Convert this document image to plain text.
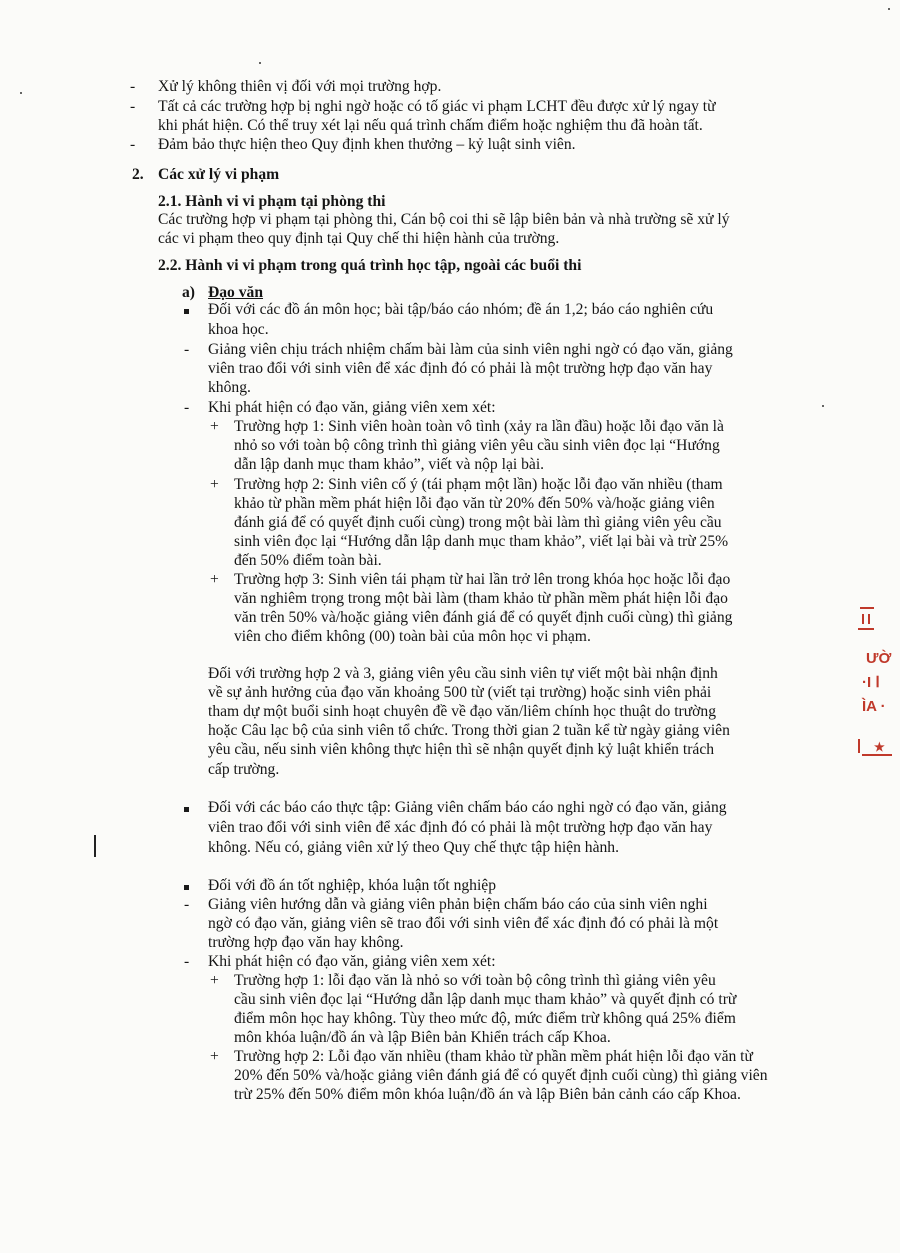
- Xử lý không thiên vị đối với mọi trường hợp.
- Tất cả các trường hợp bị nghi ngờ hoặc có tố giác vi phạm LCHT đều được xử lý ngay từ
khi phát hiện. Có thể truy xét lại nếu quá trình chấm điểm hoặc nghiệm thu đã hoàn tất.
- Đảm bảo thực hiện theo Quy định khen thưởng – kỷ luật sinh viên.
2. Các xử lý vi phạm
2.1. Hành vi vi phạm tại phòng thi
Các trường hợp vi phạm tại phòng thi, Cán bộ coi thi sẽ lập biên bản và nhà trường sẽ xử lý
các vi phạm theo quy định tại Quy chế thi hiện hành của trường.
2.2. Hành vi vi phạm trong quá trình học tập, ngoài các buổi thi
a) Đạo văn
Đối với các đồ án môn học; bài tập/báo cáo nhóm; đề án 1,2; báo cáo nghiên cứu
khoa học.
- Giảng viên chịu trách nhiệm chấm bài làm của sinh viên nghi ngờ có đạo văn, giảng
viên trao đổi với sinh viên để xác định đó có phải là một trường hợp đạo văn hay
không.
- Khi phát hiện có đạo văn, giảng viên xem xét:
+ Trường hợp 1: Sinh viên hoàn toàn vô tình (xảy ra lần đầu) hoặc lỗi đạo văn là
nhỏ so với toàn bộ công trình thì giảng viên yêu cầu sinh viên đọc lại “Hướng
dẫn lập danh mục tham khảo”, viết và nộp lại bài.
+ Trường hợp 2: Sinh viên cố ý (tái phạm một lần) hoặc lỗi đạo văn nhiều (tham
khảo từ phần mềm phát hiện lỗi đạo văn từ 20% đến 50% và/hoặc giảng viên
đánh giá để có quyết định cuối cùng) trong một bài làm thì giảng viên yêu cầu
sinh viên đọc lại “Hướng dẫn lập danh mục tham khảo”, viết lại bài và trừ 25%
đến 50% điểm toàn bài.
+ Trường hợp 3: Sinh viên tái phạm từ hai lần trở lên trong khóa học hoặc lỗi đạo
văn nghiêm trọng trong một bài làm (tham khảo từ phần mềm phát hiện lỗi đạo
văn trên 50% và/hoặc giảng viên đánh giá để có quyết định cuối cùng) thì giảng
viên cho điểm không (00) toàn bài của môn học vi phạm.
Đối với trường hợp 2 và 3, giảng viên yêu cầu sinh viên tự viết một bài nhận định
về sự ảnh hưởng của đạo văn khoảng 500 từ (viết tại trường) hoặc sinh viên phải
tham dự một buổi sinh hoạt chuyên đề về đạo văn/liêm chính học thuật do trường
hoặc Câu lạc bộ của sinh viên tổ chức. Trong thời gian 2 tuần kể từ ngày giảng viên
yêu cầu, nếu sinh viên không thực hiện thì sẽ nhận quyết định kỷ luật khiển trách
cấp trường.
Đối với các báo cáo thực tập: Giảng viên chấm báo cáo nghi ngờ có đạo văn, giảng
viên trao đổi với sinh viên để xác định đó có phải là một trường hợp đạo văn hay
không. Nếu có, giảng viên xử lý theo Quy chế thực tập hiện hành.
Đối với đồ án tốt nghiệp, khóa luận tốt nghiệp
- Giảng viên hướng dẫn và giảng viên phản biện chấm báo cáo của sinh viên nghi
ngờ có đạo văn, giảng viên sẽ trao đổi với sinh viên để xác định đó có phải là một
trường hợp đạo văn hay không.
- Khi phát hiện có đạo văn, giảng viên xem xét:
+ Trường hợp 1: lỗi đạo văn là nhỏ so với toàn bộ công trình thì giảng viên yêu
cầu sinh viên đọc lại “Hướng dẫn lập danh mục tham khảo” và quyết định có trừ
điểm môn học hay không. Tùy theo mức độ, mức điểm trừ không quá 25% điểm
môn khóa luận/đồ án và lập Biên bản Khiển trách cấp Khoa.
+ Trường hợp 2: Lỗi đạo văn nhiều (tham khảo từ phần mềm phát hiện lỗi đạo văn từ
20% đến 50% và/hoặc giảng viên đánh giá để có quyết định cuối cùng) thì giảng viên
trừ 25% đến 50% điểm môn khóa luận/đồ án và lập Biên bản cảnh cáo cấp Khoa.
ƯỜ
·I Ⅰ
ÌA ·
★
